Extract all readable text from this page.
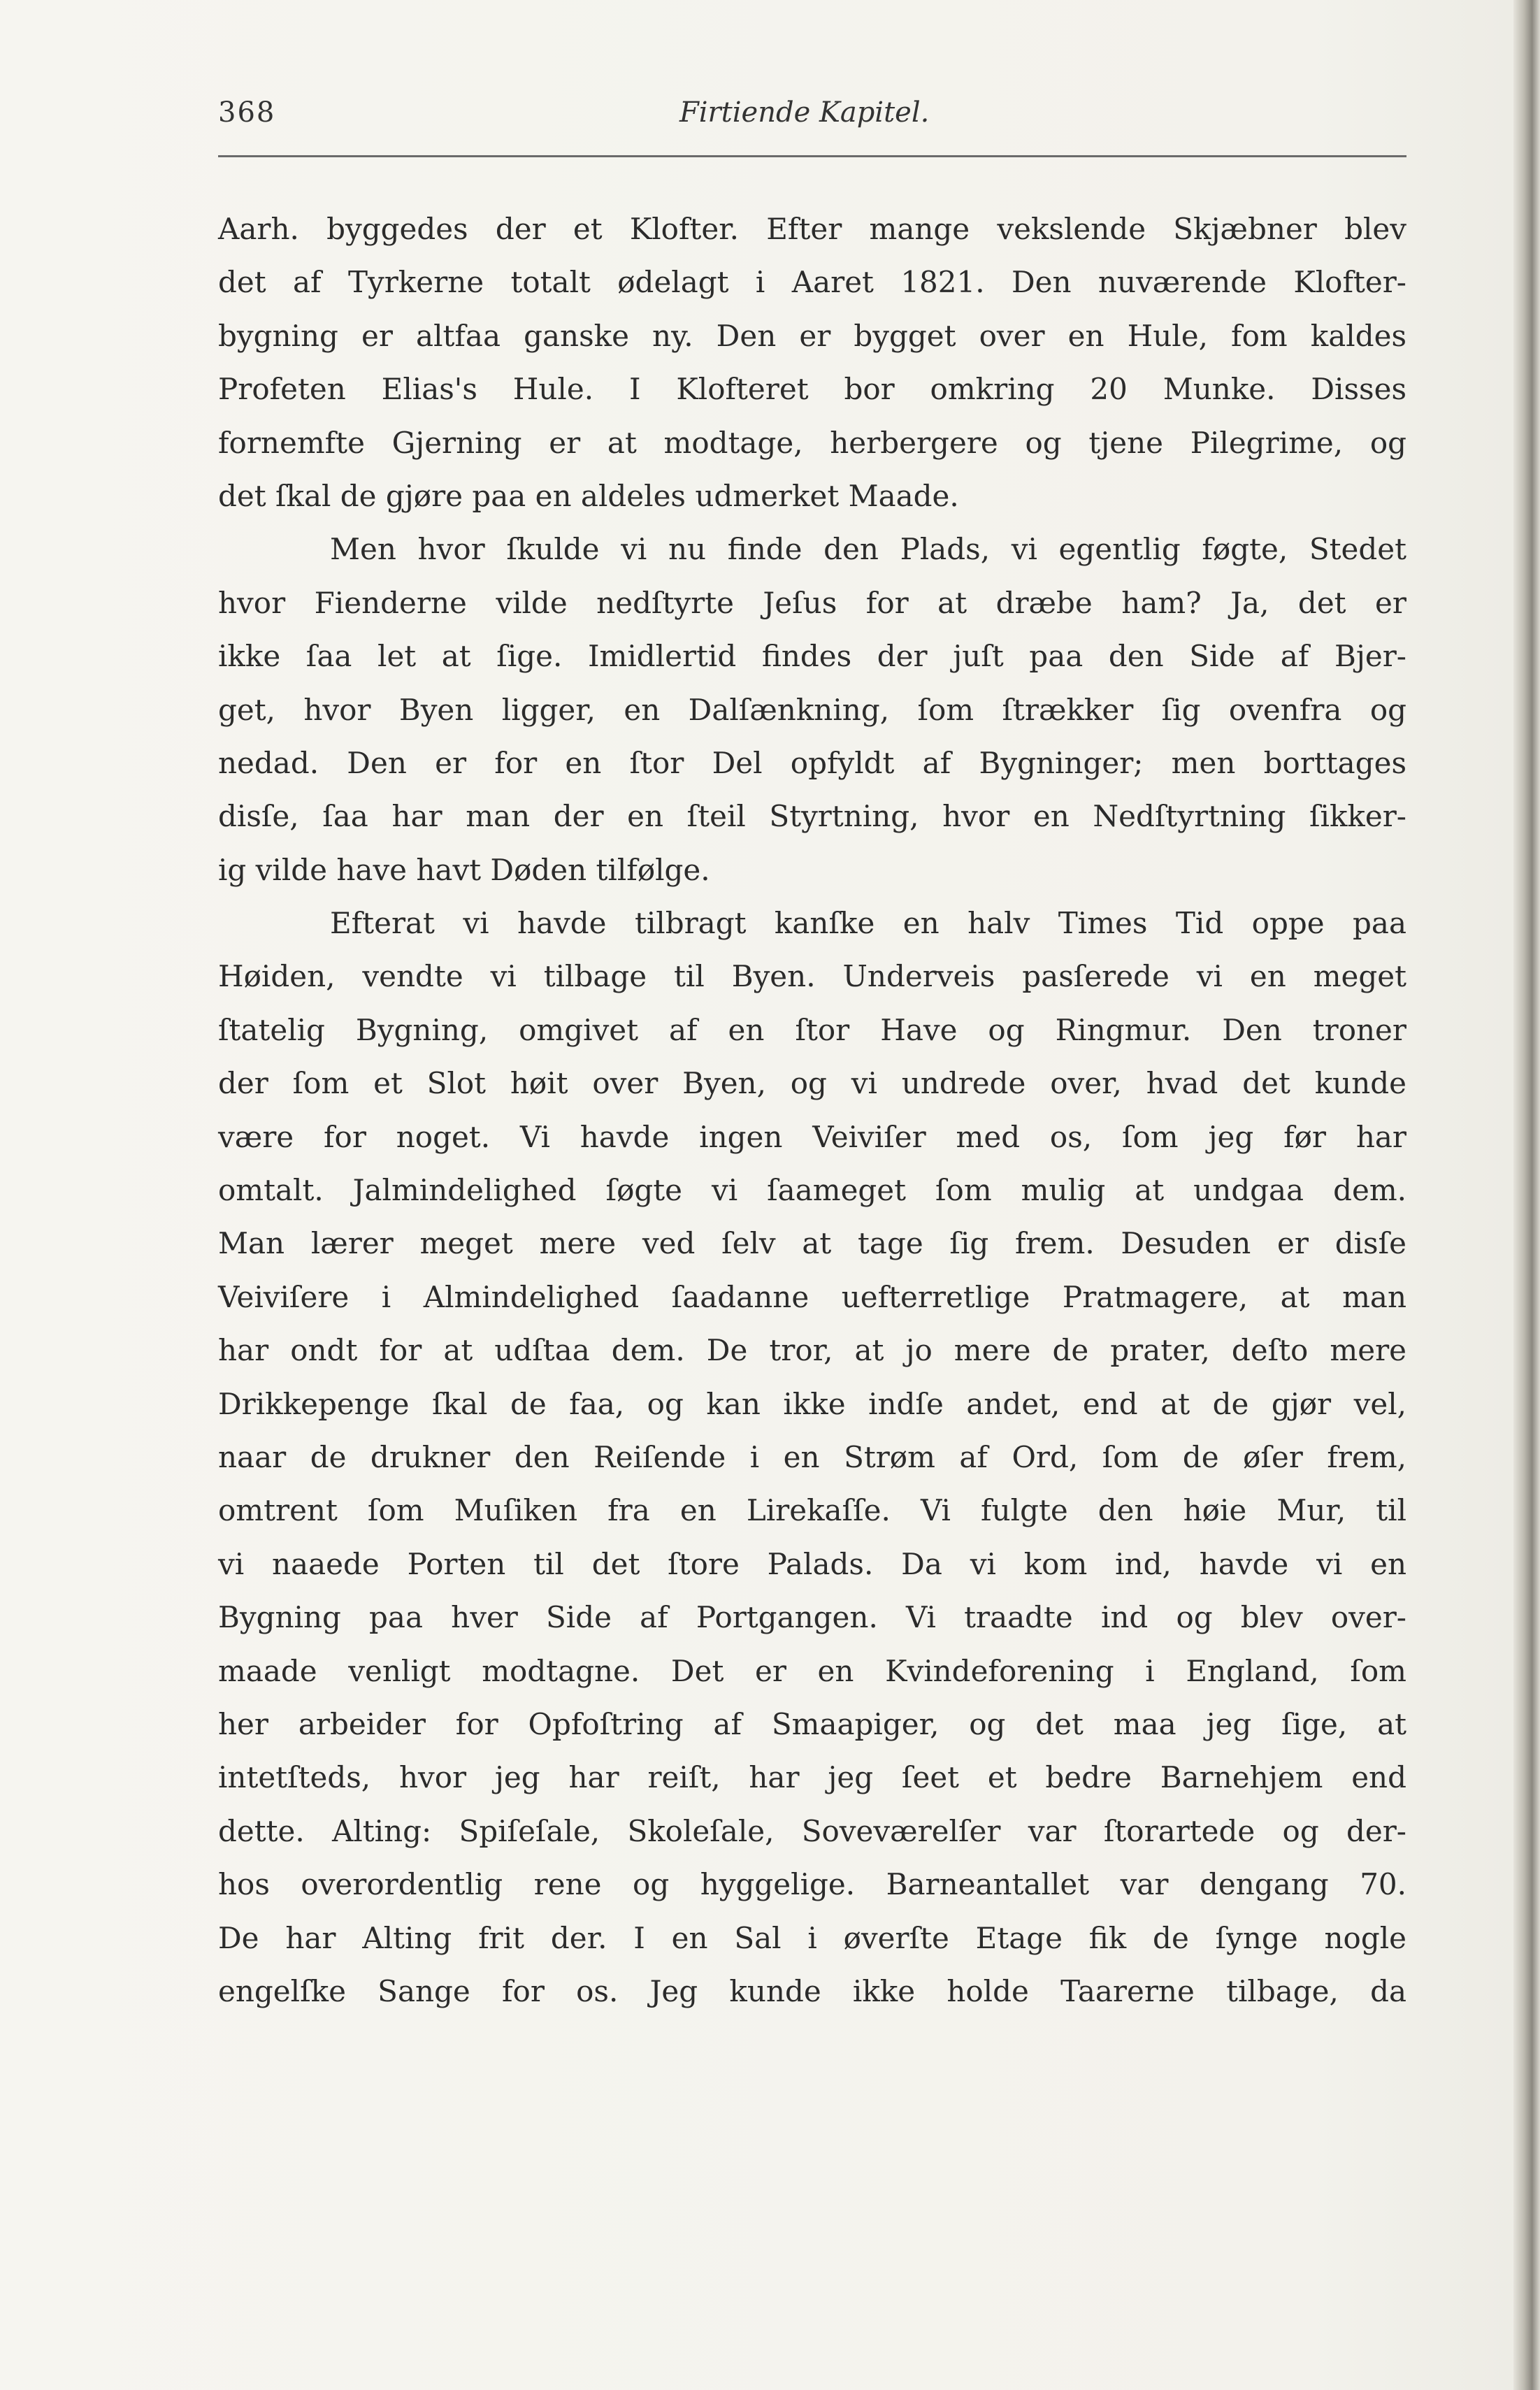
368	Firtiende Kapitel.
Aarh. byggedes der et Klofter. Efter mange vekslende Skjæbner blev
det af Tyrkerne totalt ødelagt i Aaret 1821. Den nuværende Klofter-
bygning er altfaa ganske ny. Den er bygget over en Hule, fom kaldes
Profeten Elias's Hule. I Klofteret bor omkring 20 Munke. Disses
fornemfte Gjerning er at modtage, herbergere og tjene Pilegrime, og
det ſkal de gjøre paa en aldeles udmerket Maade.
Men hvor ſkulde vi nu finde den Plads, vi egentlig føgte, Stedet
hvor Fienderne vilde nedſtyrte Jeſus for at dræbe ham? Ja, det er
ikke ſaa let at ſige. Imidlertid findes der juſt paa den Side af Bjer-
get, hvor Byen ligger, en Dalſænkning, ſom ſtrækker ſig ovenfra og
nedad. Den er for en ſtor Del opfyldt af Bygninger; men borttages
disſe, ſaa har man der en ſteil Styrtning, hvor en Nedſtyrtning ſikker-
ig vilde have havt Døden tilfølge.
Efterat vi havde tilbragt kanſke en halv Times Tid oppe paa
Høiden, vendte vi tilbage til Byen. Underveis pasſerede vi en meget
ſtatelig Bygning, omgivet af en ſtor Have og Ringmur. Den troner
der ſom et Slot høit over Byen, og vi undrede over, hvad det kunde
være for noget. Vi havde ingen Veiviſer med os, ſom jeg før har
omtalt. Jalmindelighed ſøgte vi ſaameget ſom mulig at undgaa dem.
Man lærer meget mere ved ſelv at tage ſig frem. Desuden er disſe
Veiviſere i Almindelighed ſaadanne uefterretlige Pratmagere, at man
har ondt for at udſtaa dem. De tror, at jo mere de prater, deſto mere
Drikkepenge ſkal de faa, og kan ikke indſe andet, end at de gjør vel,
naar de drukner den Reiſende i en Strøm af Ord, ſom de øſer frem,
omtrent ſom Muſiken fra en Lirekaſſe. Vi fulgte den høie Mur, til
vi naaede Porten til det ſtore Palads. Da vi kom ind, havde vi en
Bygning paa hver Side af Portgangen. Vi traadte ind og blev over-
maade venligt modtagne. Det er en Kvindeforening i England, ſom
her arbeider for Opfoſtring af Smaapiger, og det maa jeg ſige, at
intetſteds, hvor jeg har reiſt, har jeg ſeet et bedre Barnehjem end
dette. Alting: Spiſeſale, Skoleſale, Soveværelſer var ſtorartede og der-
hos overordentlig rene og hyggelige. Barneantallet var dengang 70.
De har Alting frit der. I en Sal i øverſte Etage fik de ſynge nogle
engelſke Sange for os. Jeg kunde ikke holde Taarerne tilbage, da
